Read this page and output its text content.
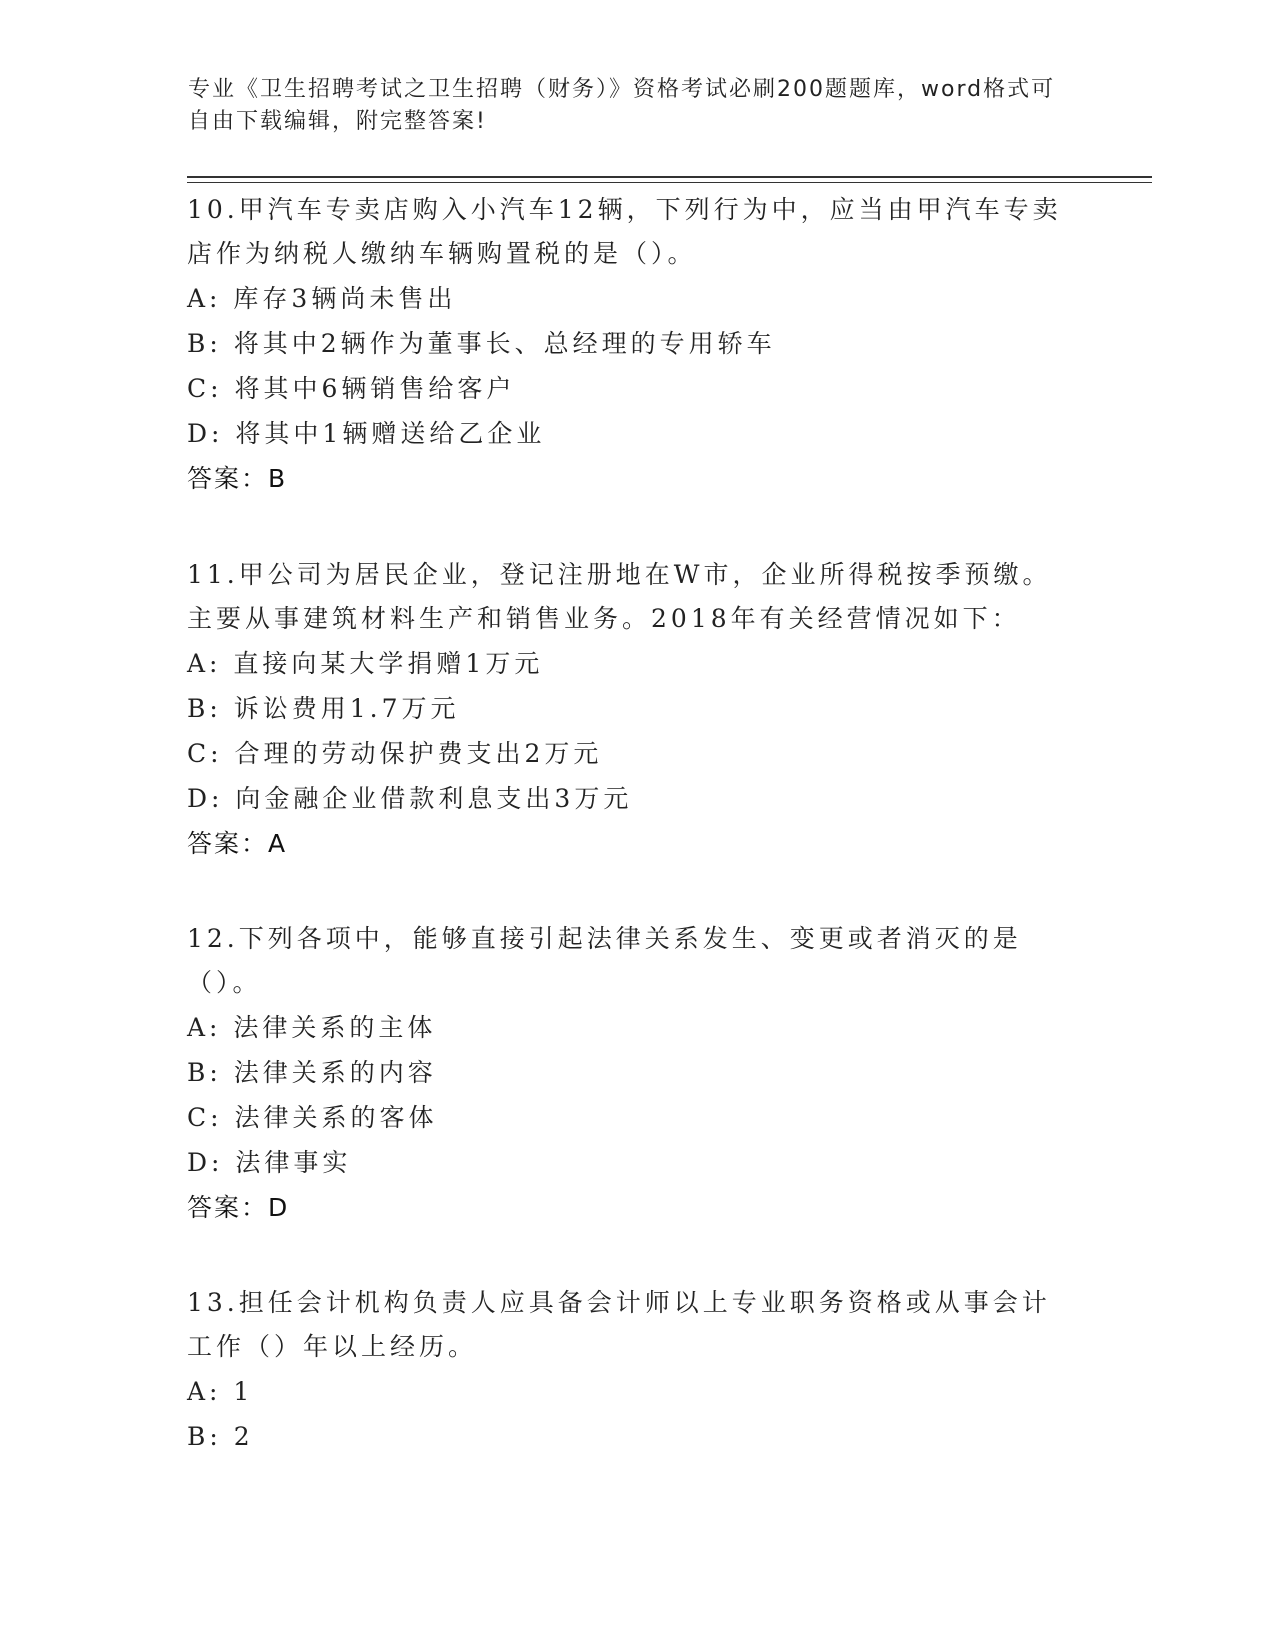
专业《卫生招聘考试之卫生招聘（财务）》资格考试必刷200题题库，word格式可自由下载编辑，附完整答案!

10.甲汽车专卖店购入小汽车12辆，下列行为中，应当由甲汽车专卖店作为纳税人缴纳车辆购置税的是（）。

A: 库存3辆尚未售出

B: 将其中2辆作为董事长、总经理的专用轿车

C: 将其中6辆销售给客户

D: 将其中1辆赠送给乙企业

答案：B

11.甲公司为居民企业，登记注册地在W市，企业所得税按季预缴。主要从事建筑材料生产和销售业务。2018年有关经营情况如下：

A: 直接向某大学捐赠1万元

B: 诉讼费用1.7万元

C: 合理的劳动保护费支出2万元

D: 向金融企业借款利息支出3万元

答案：A

12.下列各项中，能够直接引起法律关系发生、变更或者消灭的是（）。

A: 法律关系的主体

B: 法律关系的内容

C: 法律关系的客体

D: 法律事实

答案：D

13.担任会计机构负责人应具备会计师以上专业职务资格或从事会计工作（）年以上经历。

A: 1

B: 2
